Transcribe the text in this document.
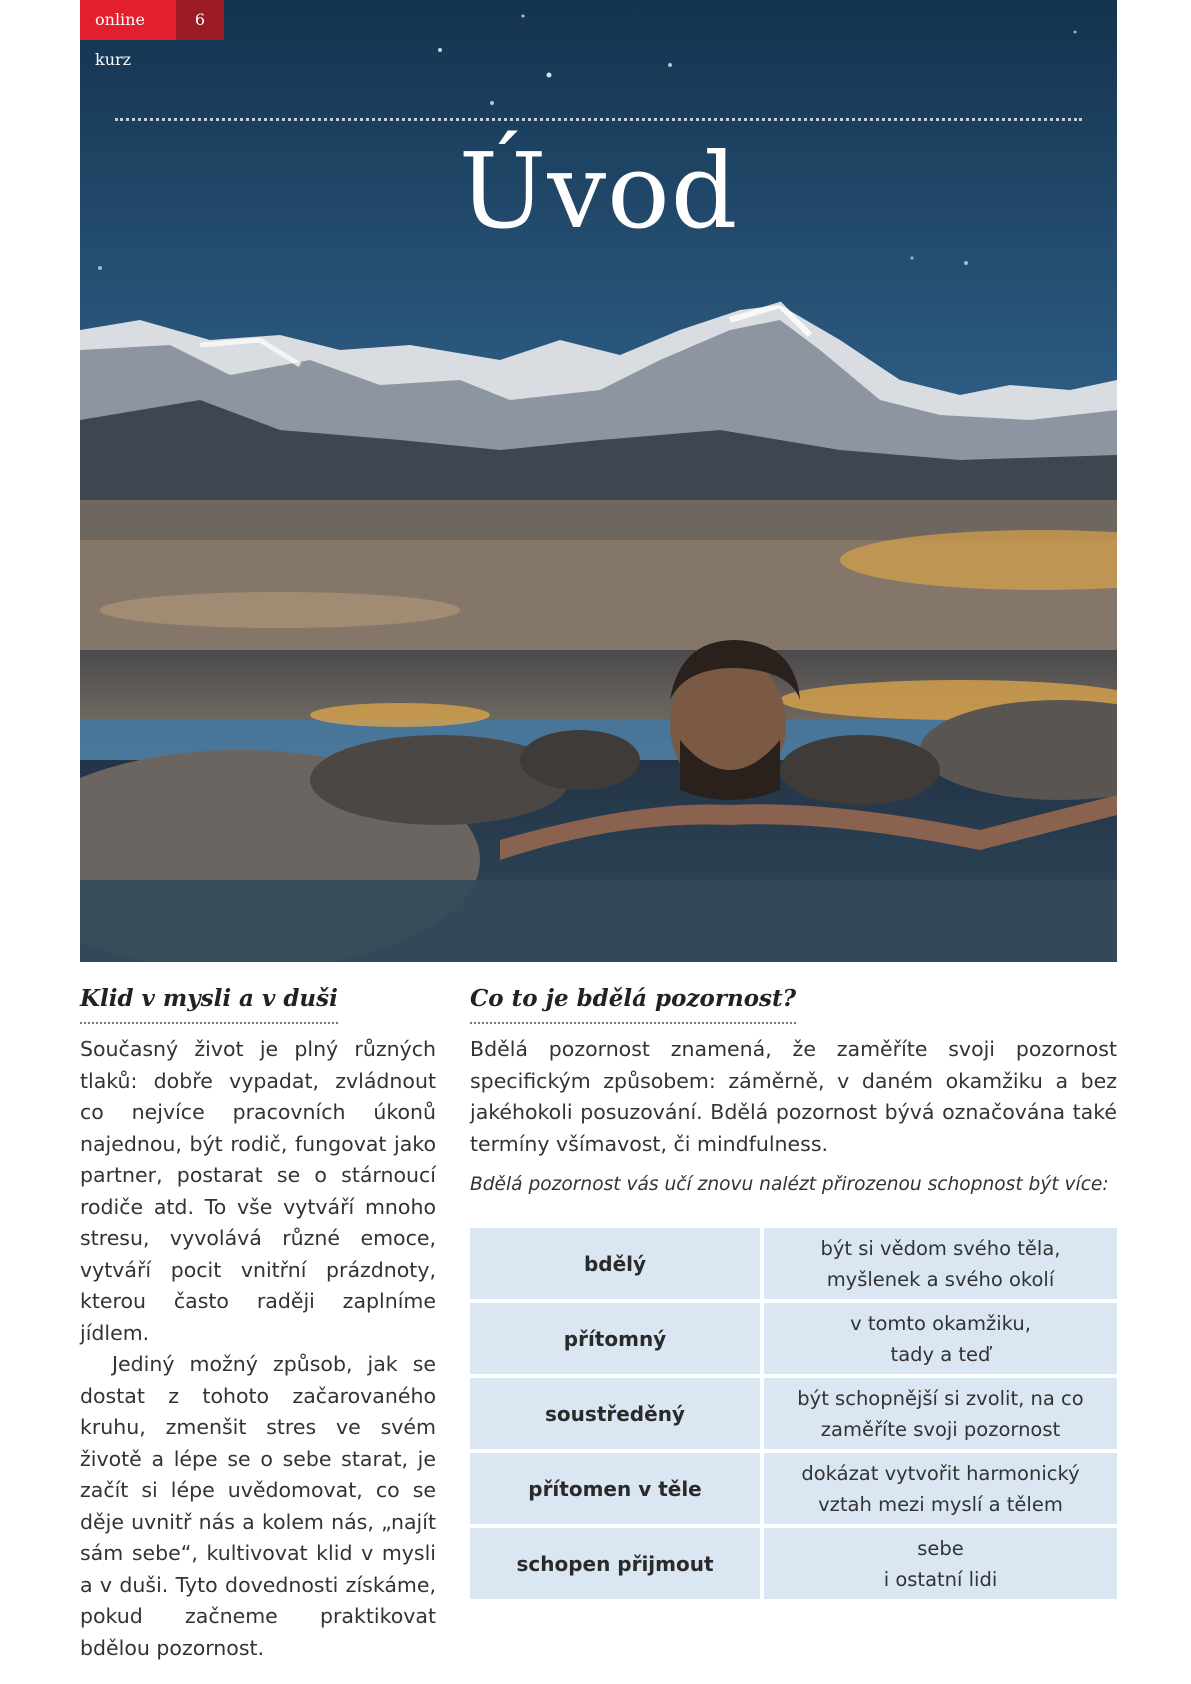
Úvod
online kurz
6
Klid v mysli a v duši

Současný život je plný různých tlaků: dobře vypadat, zvládnout co nejvíce pracovních úkonů najednou, být rodič, fungovat jako partner, postarat se o stárnoucí rodiče atd. To vše vytváří mnoho stresu, vyvolává různé emoce, vytváří pocit vnitřní prázdnoty, kterou často raději zaplníme jídlem.

Jediný možný způsob, jak se dostat z tohoto začarovaného kruhu, zmenšit stres ve svém životě a lépe se o sebe starat, je začít si lépe uvědomovat, co se děje uvnitř nás a kolem nás, „najít sám sebe“, kultivovat klid v mysli a v duši. Tyto dovednosti získáme, pokud začneme praktikovat bdělou pozornost.

Co to je bdělá pozornost?

Bdělá pozornost znamená, že zaměříte svoji pozornost specifickým způsobem: záměrně, v daném okamžiku a bez jakéhokoli posuzování. Bdělá pozornost bývá označována také termíny všímavost, či mindfulness.

Bdělá pozornost vás učí znovu nalézt přirozenou schopnost být více:

bdělý
být si vědom svého těla,
myšlenek a svého okolí
přítomný
v tomto okamžiku,
tady a teď
soustředěný
být schopnější si zvolit, na co
zaměříte svoji pozornost
přítomen v těle
dokázat vytvořit harmonický
vztah mezi myslí a tělem
schopen přijmout
sebe
i ostatní lidi
